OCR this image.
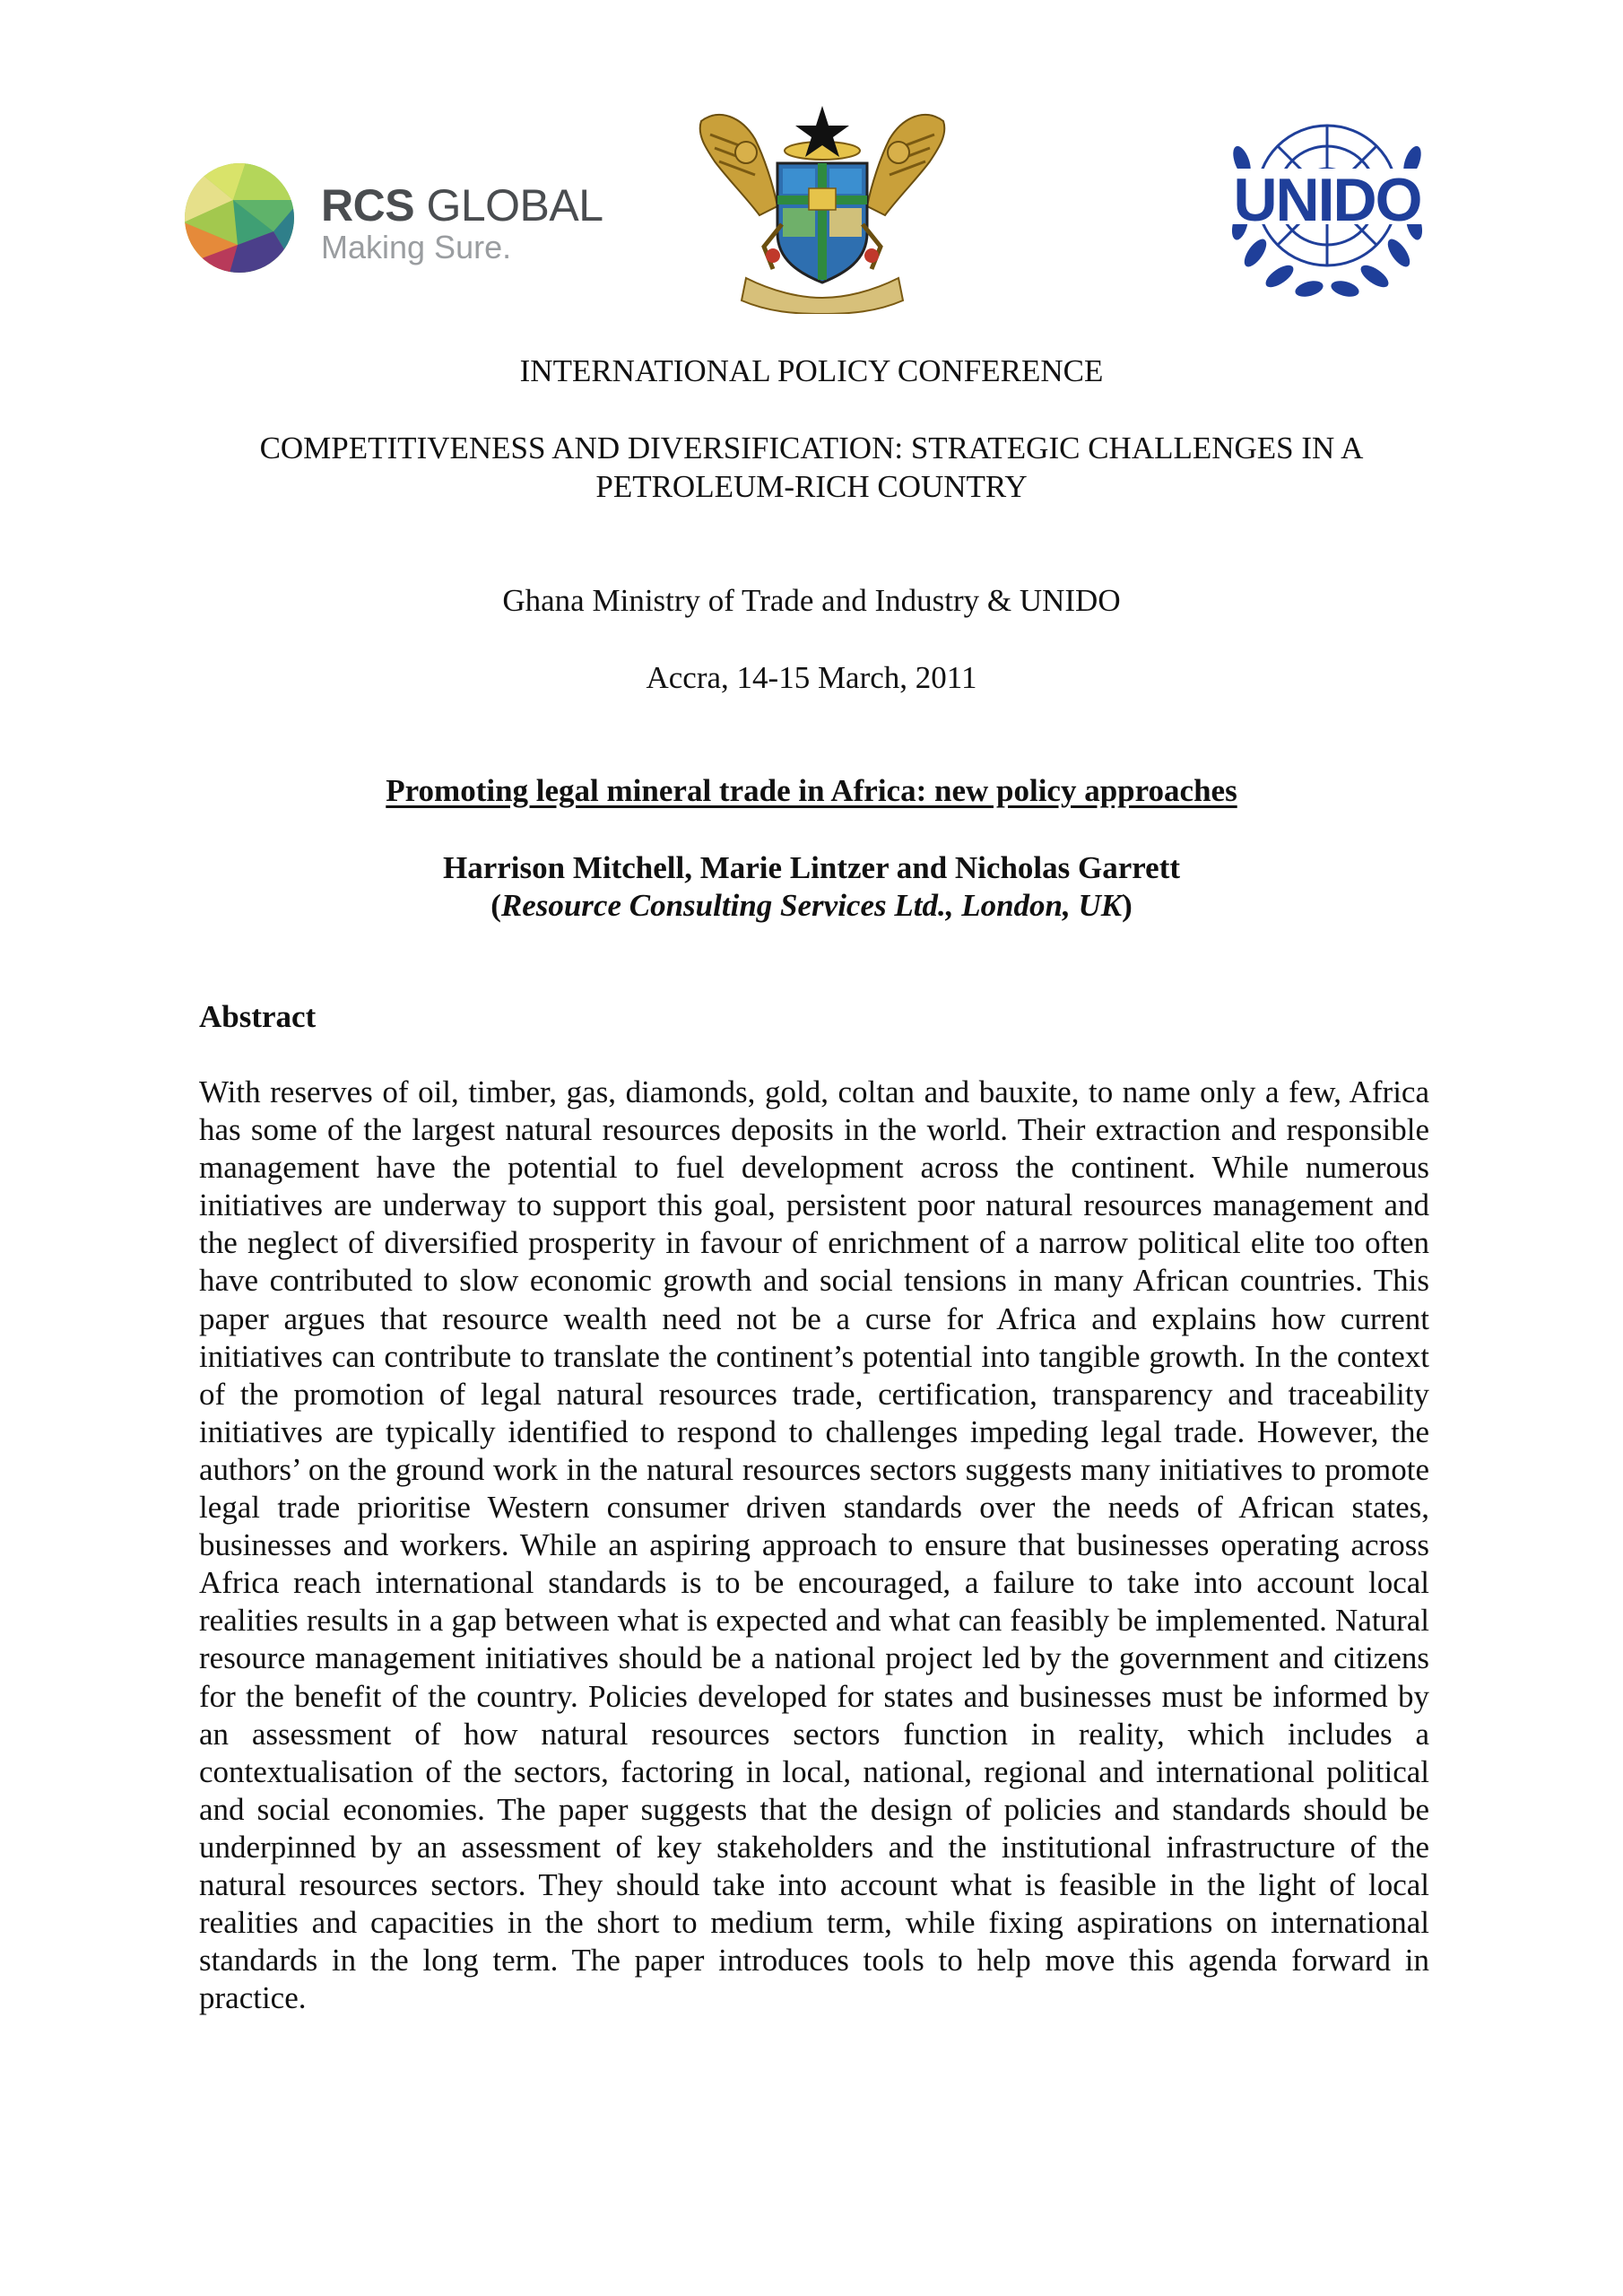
RCS GLOBAL
Making Sure.
UNIDO
INTERNATIONAL POLICY CONFERENCE
COMPETITIVENESS AND DIVERSIFICATION: STRATEGIC CHALLENGES IN A
PETROLEUM-RICH COUNTRY
Ghana Ministry of Trade and Industry & UNIDO
Accra, 14-15 March, 2011
Promoting legal mineral trade in Africa: new policy approaches
Harrison Mitchell, Marie Lintzer and Nicholas Garrett
(Resource Consulting Services Ltd., London, UK)
Abstract

With reserves of oil, timber, gas, diamonds, gold, coltan and bauxite, to name only a few, Africa has some of the largest natural resources deposits in the world. Their extraction and responsible management have the potential to fuel development across the continent. While numerous initiatives are underway to support this goal, persistent poor natural resources management and the neglect of diversified prosperity in favour of enrichment of a narrow political elite too often have contributed to slow economic growth and social tensions in many African countries. This paper argues that resource wealth need not be a curse for Africa and explains how current initiatives can contribute to translate the continent’s potential into tangible growth. In the context of the promotion of legal natural resources trade, certification, transparency and traceability initiatives are typically identified to respond to challenges impeding legal trade. However, the authors’ on the ground work in the natural resources sectors suggests many initiatives to promote legal trade prioritise Western consumer driven standards over the needs of African states, businesses and workers. While an aspiring approach to ensure that businesses operating across Africa reach international standards is to be encouraged, a failure to take into account local realities results in a gap between what is expected and what can feasibly be implemented. Natural resource management initiatives should be a national project led by the government and citizens for the benefit of the country. Policies developed for states and businesses must be informed by an assessment of how natural resources sectors function in reality, which includes a contextualisation of the sectors, factoring in local, national, regional and international political and social economies. The paper suggests that the design of policies and standards should be underpinned by an assessment of key stakeholders and the institutional infrastructure of the natural resources sectors. They should take into account what is feasible in the light of local realities and capacities in the short to medium term, while fixing aspirations on international standards in the long term. The paper introduces tools to help move this agenda forward in practice.
